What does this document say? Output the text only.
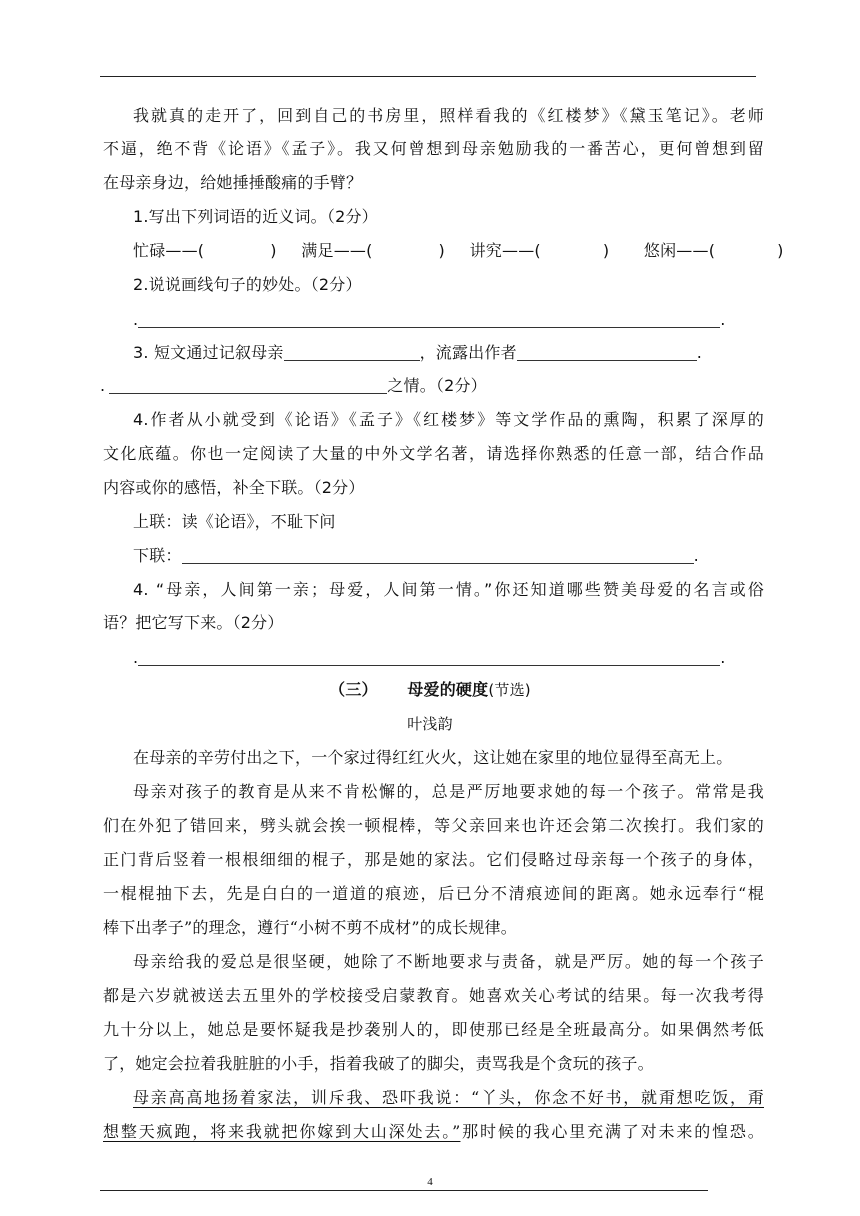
4
我就真的走开了，回到自己的书房里，照样看我的《红楼梦》《黛玉笔记》。老师
不逼，绝不背《论语》《孟子》。我又何曾想到母亲勉励我的一番苦心，更何曾想到留
在母亲身边，给她捶捶酸痛的手臂？
1.写出下列词语的近义词。（2分）
忙碌——(	) 满足——(	) 讲究——(	) 悠闲——(	)
2.说说画线句子的妙处。（2分）
.	.
3. 短文通过记叙母亲	，流露出作者	.
.	之情。（2分）
4.作者从小就受到《论语》《孟子》《红楼梦》等文学作品的熏陶，积累了深厚的
文化底蕴。你也一定阅读了大量的中外文学名著，请选择你熟悉的任意一部，结合作品
内容或你的感悟，补全下联。（2分）
上联：读《论语》，不耻下问
下联：	.
4. “母亲，人间第一亲；母爱，人间第一情。”你还知道哪些赞美母爱的名言或俗
语？把它写下来。（2分）
.	.
（三） 母爱的硬度(节选)
叶浅韵
在母亲的辛劳付出之下，一个家过得红红火火，这让她在家里的地位显得至高无上。
母亲对孩子的教育是从来不肯松懈的，总是严厉地要求她的每一个孩子。常常是我
们在外犯了错回来，劈头就会挨一顿棍棒，等父亲回来也许还会第二次挨打。我们家的
正门背后竖着一根根细细的棍子，那是她的家法。它们侵略过母亲每一个孩子的身体，
一棍棍抽下去，先是白白的一道道的痕迹，后已分不清痕迹间的距离。她永远奉行“棍
棒下出孝子”的理念，遵行“小树不剪不成材”的成长规律。
母亲给我的爱总是很坚硬，她除了不断地要求与责备，就是严厉。她的每一个孩子
都是六岁就被送去五里外的学校接受启蒙教育。她喜欢关心考试的结果。每一次我考得
九十分以上，她总是要怀疑我是抄袭别人的，即使那已经是全班最高分。如果偶然考低
了，她定会拉着我脏脏的小手，指着我破了的脚尖，责骂我是个贪玩的孩子。
母亲高高地扬着家法，训斥我、恐吓我说：“丫头，你念不好书，就甭想吃饭，甭
想整天疯跑，将来我就把你嫁到大山深处去。”那时候的我心里充满了对未来的惶恐。
